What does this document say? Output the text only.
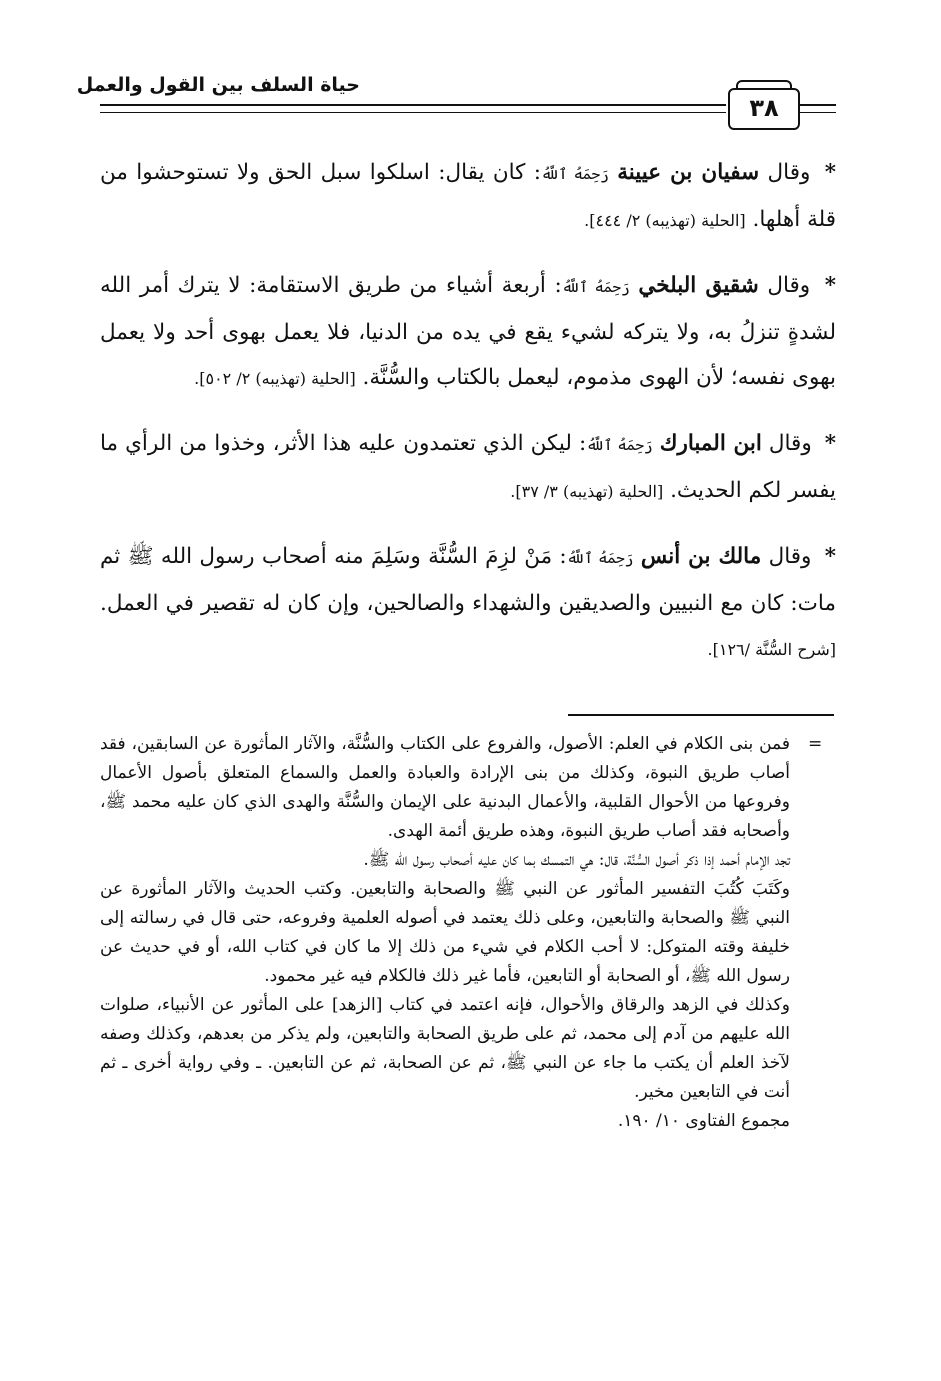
حياة السلف بين القول والعمل
٣٨

* وقال سفيان بن عيينة رَحِمَهُ ٱللَّهُ: كان يقال: اسلكوا سبل الحق ولا تستوحشوا من قلة أهلها. [الحلية (تهذيبه) ٢/ ٤٤٤].

* وقال شقيق البلخي رَحِمَهُ ٱللَّهُ: أربعة أشياء من طريق الاستقامة: لا يترك أمر الله لشدةٍ تنزلُ به، ولا يتركه لشيء يقع في يده من الدنيا، فلا يعمل بهوى أحد ولا يعمل بهوى نفسه؛ لأن الهوى مذموم، ليعمل بالكتاب والسُّنَّة. [الحلية (تهذيبه) ٢/ ٥٠٢].

* وقال ابن المبارك رَحِمَهُ ٱللَّهُ: ليكن الذي تعتمدون عليه هذا الأثر، وخذوا من الرأي ما يفسر لكم الحديث. [الحلية (تهذيبه) ٣/ ٣٧].

* وقال مالك بن أنس رَحِمَهُ ٱللَّهُ: مَنْ لزِمَ السُّنَّة وسَلِمَ منه أصحاب رسول الله ﷺ ثم مات: كان مع النبيين والصديقين والشهداء والصالحين، وإن كان له تقصير في العمل. [شرح السُّنَّة /١٢٦].

=

فمن بنى الكلام في العلم: الأصول، والفروع على الكتاب والسُّنَّة، والآثار المأثورة عن السابقين، فقد أصاب طريق النبوة، وكذلك من بنى الإرادة والعبادة والعمل والسماع المتعلق بأصول الأعمال وفروعها من الأحوال القلبية، والأعمال البدنية على الإيمان والسُّنَّة والهدى الذي كان عليه محمد ﷺ، وأصحابه فقد أصاب طريق النبوة، وهذه طريق أئمة الهدى.

تجد الإمام أحمد إذا ذكر أصول السُّنَّة، قال: هي التمسك بما كان عليه أصحاب رسول الله ﷺ.

وكَتَبَ كُتُبَ التفسير المأثور عن النبي ﷺ والصحابة والتابعين. وكتب الحديث والآثار المأثورة عن النبي ﷺ والصحابة والتابعين، وعلى ذلك يعتمد في أصوله العلمية وفروعه، حتى قال في رسالته إلى خليفة وقته المتوكل: لا أحب الكلام في شيء من ذلك إلا ما كان في كتاب الله، أو في حديث عن رسول الله ﷺ، أو الصحابة أو التابعين، فأما غير ذلك فالكلام فيه غير محمود.

وكذلك في الزهد والرقاق والأحوال، فإنه اعتمد في كتاب [الزهد] على المأثور عن الأنبياء، صلوات الله عليهم من آدم إلى محمد، ثم على طريق الصحابة والتابعين، ولم يذكر من بعدهم، وكذلك وصفه لآخذ العلم أن يكتب ما جاء عن النبي ﷺ، ثم عن الصحابة، ثم عن التابعين. ـ وفي رواية أخرى ـ ثم أنت في التابعين مخير.

مجموع الفتاوى ١٠/ ١٩٠.
